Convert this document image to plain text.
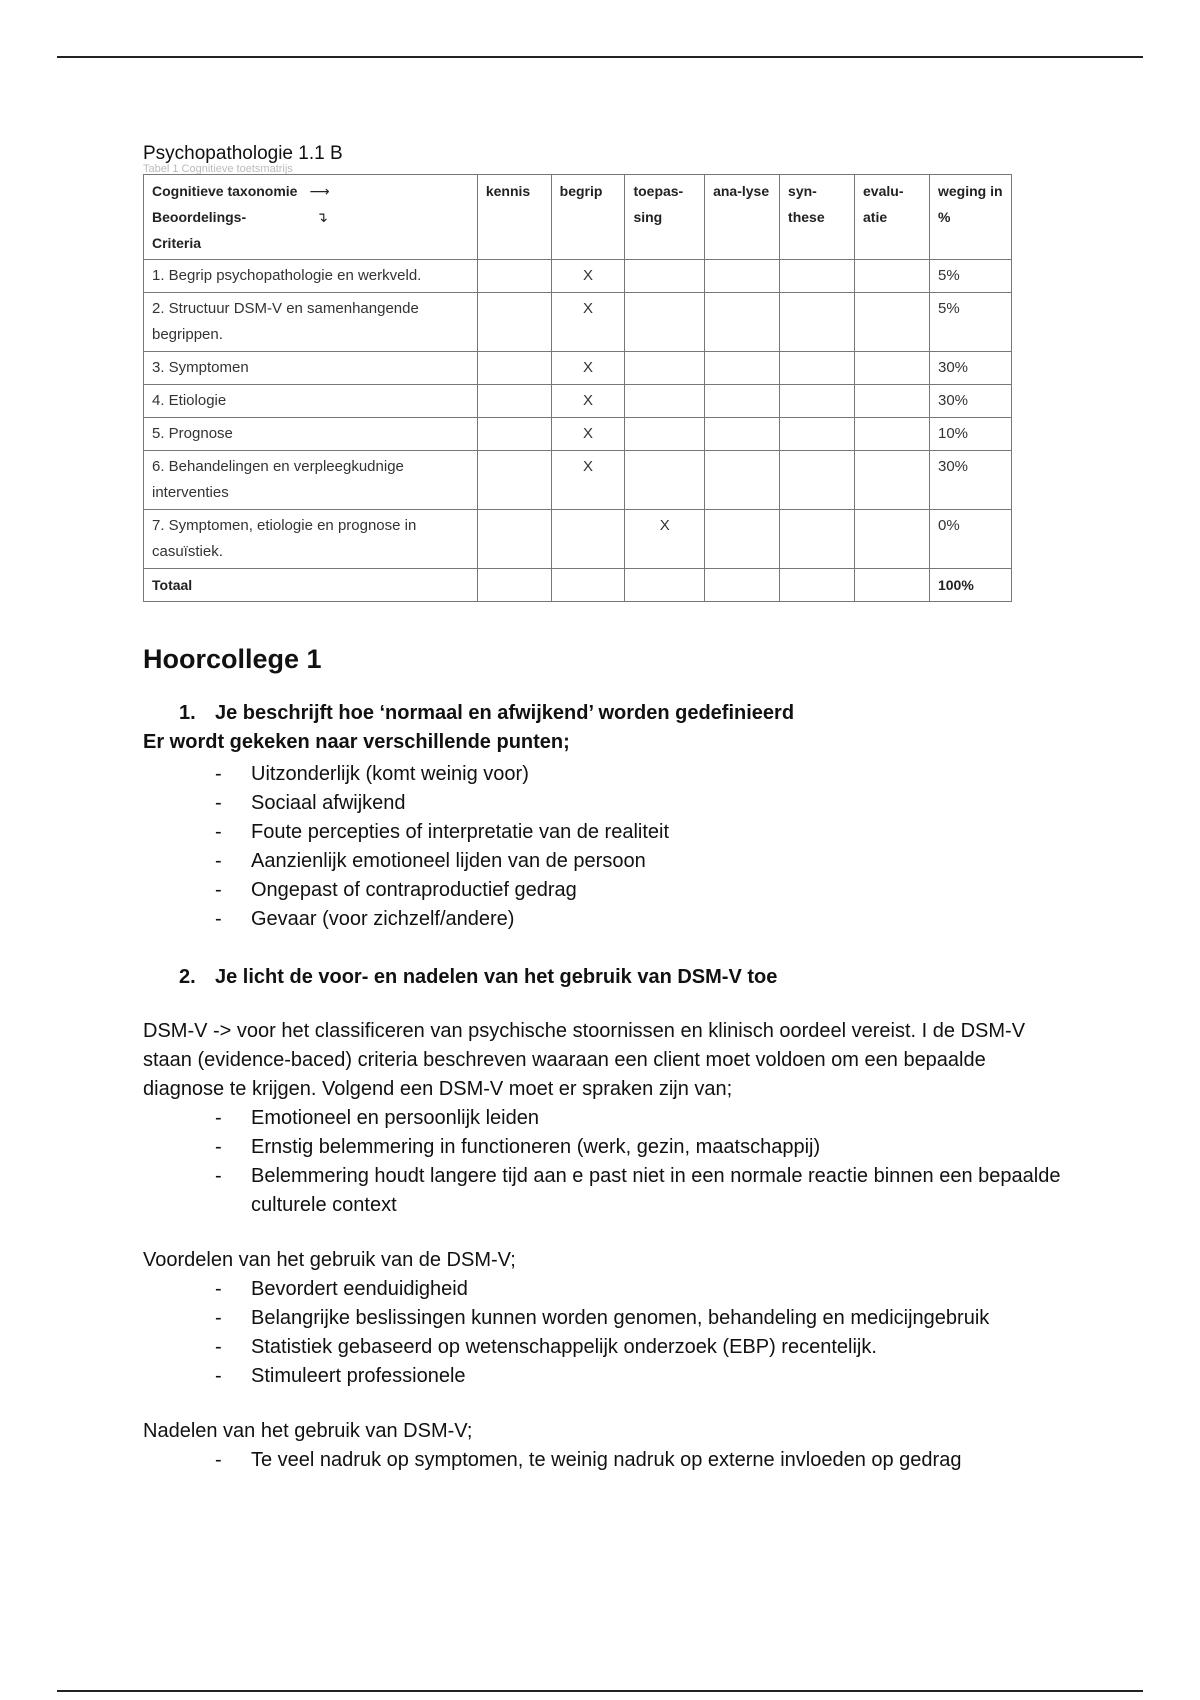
Psychopathologie 1.1 B

Tabel 1 Cognitieve toetsmatrijs

Cognitieve taxonomie ⟶
Beoordelings- ↴
Criteria	kennis	begrip	toepas-sing	ana-lyse	syn-these	evalu-atie	weging in %
1. Begrip psychopathologie en werkveld.		X					5%
2. Structuur DSM-V en samenhangende begrippen.		X					5%
3. Symptomen		X					30%
4. Etiologie		X					30%
5. Prognose		X					10%
6. Behandelingen en verpleegkudnige interventies		X					30%
7. Symptomen, etiologie en prognose in casuïstiek.			X				0%
Totaal							100%
Hoorcollege 1
1. Je beschrijft hoe ‘normaal en afwijkend’ worden gedefinieerd
Er wordt gekeken naar verschillende punten;
- Uitzonderlijk (komt weinig voor)
- Sociaal afwijkend
- Foute percepties of interpretatie van de realiteit
- Aanzienlijk emotioneel lijden van de persoon
- Ongepast of contraproductief gedrag
- Gevaar (voor zichzelf/andere)
2. Je licht de voor- en nadelen van het gebruik van DSM-V toe

DSM-V -> voor het classificeren van psychische stoornissen en klinisch oordeel vereist. I de DSM-V staan (evidence-baced) criteria beschreven waaraan een client moet voldoen om een bepaalde diagnose te krijgen. Volgend een DSM-V moet er spraken zijn van;

- Emotioneel en persoonlijk leiden
- Ernstig belemmering in functioneren (werk, gezin, maatschappij)
- Belemmering houdt langere tijd aan e past niet in een normale reactie binnen een bepaalde culturele context

Voordelen van het gebruik van de DSM-V;

- Bevordert eenduidigheid
- Belangrijke beslissingen kunnen worden genomen, behandeling en medicijngebruik
- Statistiek gebaseerd op wetenschappelijk onderzoek (EBP) recentelijk.
- Stimuleert professionele

Nadelen van het gebruik van DSM-V;

- Te veel nadruk op symptomen, te weinig nadruk op externe invloeden op gedrag
